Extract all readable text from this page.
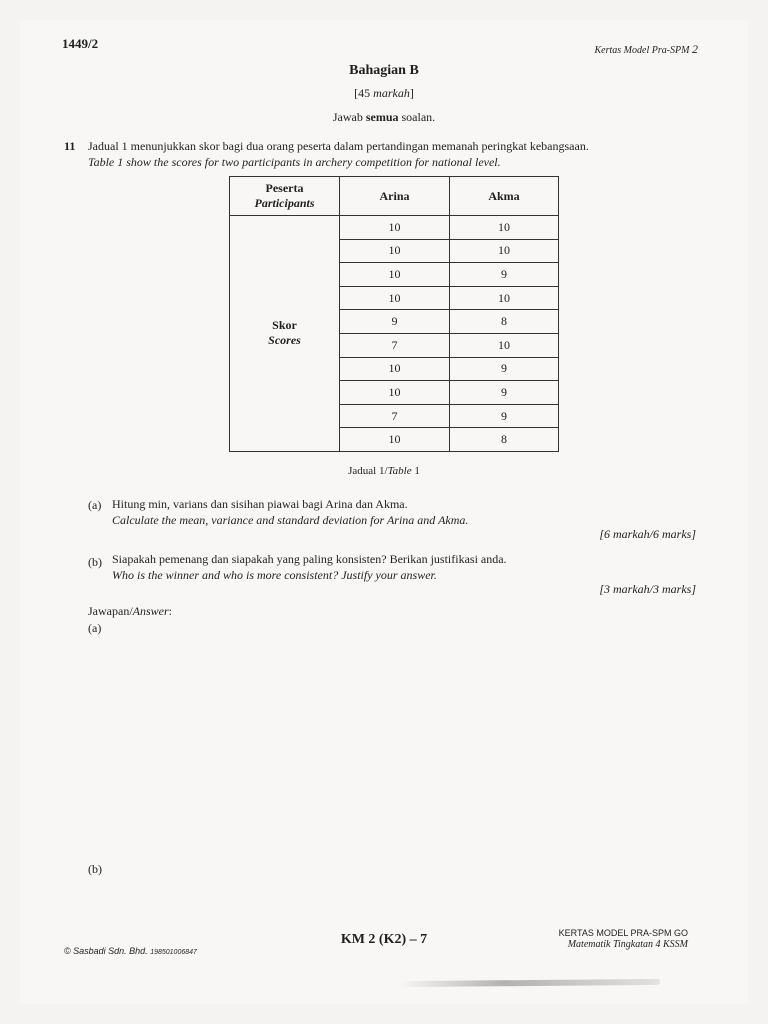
1449/2	Kertas Model Pra-SPM 2
Bahagian B
[45 markah]
Jawab semua soalan.
11 Jadual 1 menunjukkan skor bagi dua orang peserta dalam pertandingan memanah peringkat kebangsaan.
Table 1 show the scores for two participants in archery competition for national level.
Peserta
Participants	Arina	Akma
Skor
Scores	10	10
	10	10
	10	9
	10	10
	9	8
	7	10
	10	9
	10	9
	7	9
	10	8
Jadual 1/Table 1
(a) Hitung min, varians dan sisihan piawai bagi Arina dan Akma.
Calculate the mean, variance and standard deviation for Arina and Akma.
[6 markah/6 marks]
(b) Siapakah pemenang dan siapakah yang paling konsisten? Berikan justifikasi anda.
Who is the winner and who is more consistent? Justify your answer.
[3 markah/3 marks]
Jawapan/Answer:
(a)
(b)
© Sasbadi Sdn. Bhd. 198501006847
KM 2 (K2) – 7	KERTAS MODEL PRA-SPM GO
Matematik Tingkatan 4 KSSM
